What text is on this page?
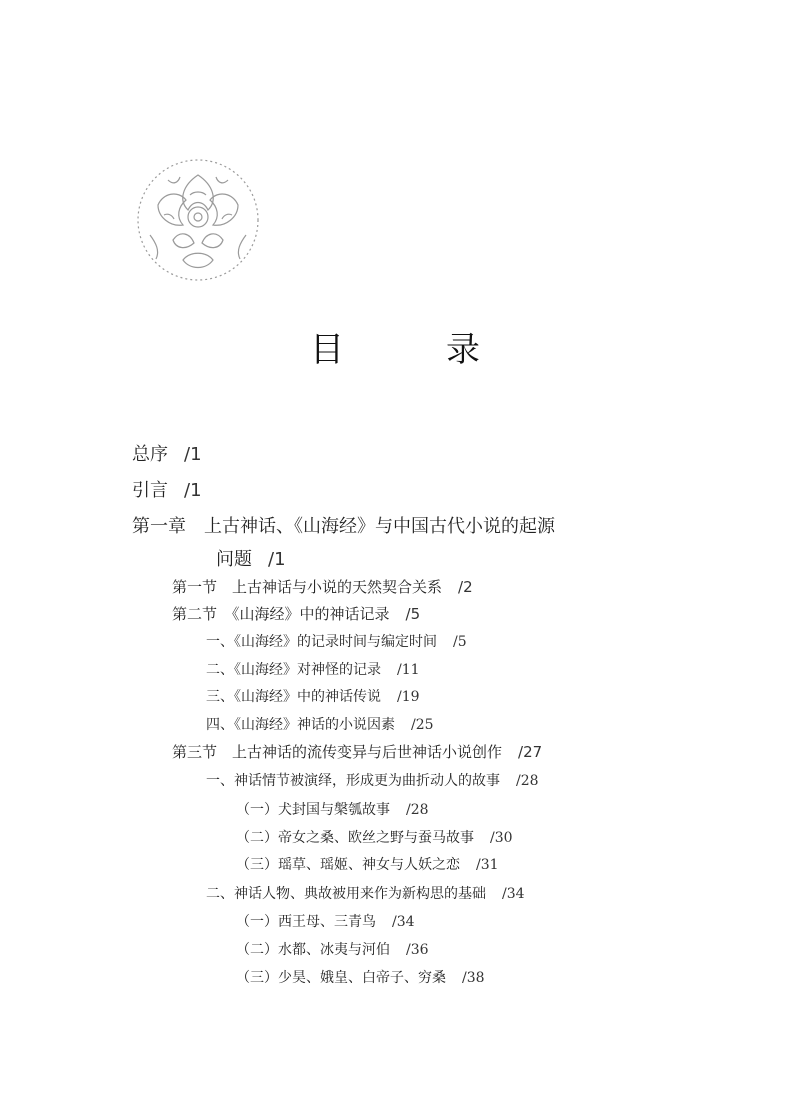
目　录
总序 /1
引言 /1
第一章　上古神话、《山海经》与中国古代小说的起源
问题 /1
第一节　上古神话与小说的天然契合关系 /2
第二节　《山海经》中的神话记录 /5
一、《山海经》的记录时间与编定时间 /5
二、《山海经》对神怪的记录 /11
三、《山海经》中的神话传说 /19
四、《山海经》神话的小说因素 /25
第三节　上古神话的流传变异与后世神话小说创作 /27
一、神话情节被演绎，形成更为曲折动人的故事 /28
（一）犬封国与槃瓠故事 /28
（二）帝女之桑、欧丝之野与蚕马故事 /30
（三）瑶草、瑶姬、神女与人妖之恋 /31
二、神话人物、典故被用来作为新构思的基础 /34
（一）西王母、三青鸟 /34
（二）水都、冰夷与河伯 /36
（三）少昊、娥皇、白帝子、穷桑 /38
